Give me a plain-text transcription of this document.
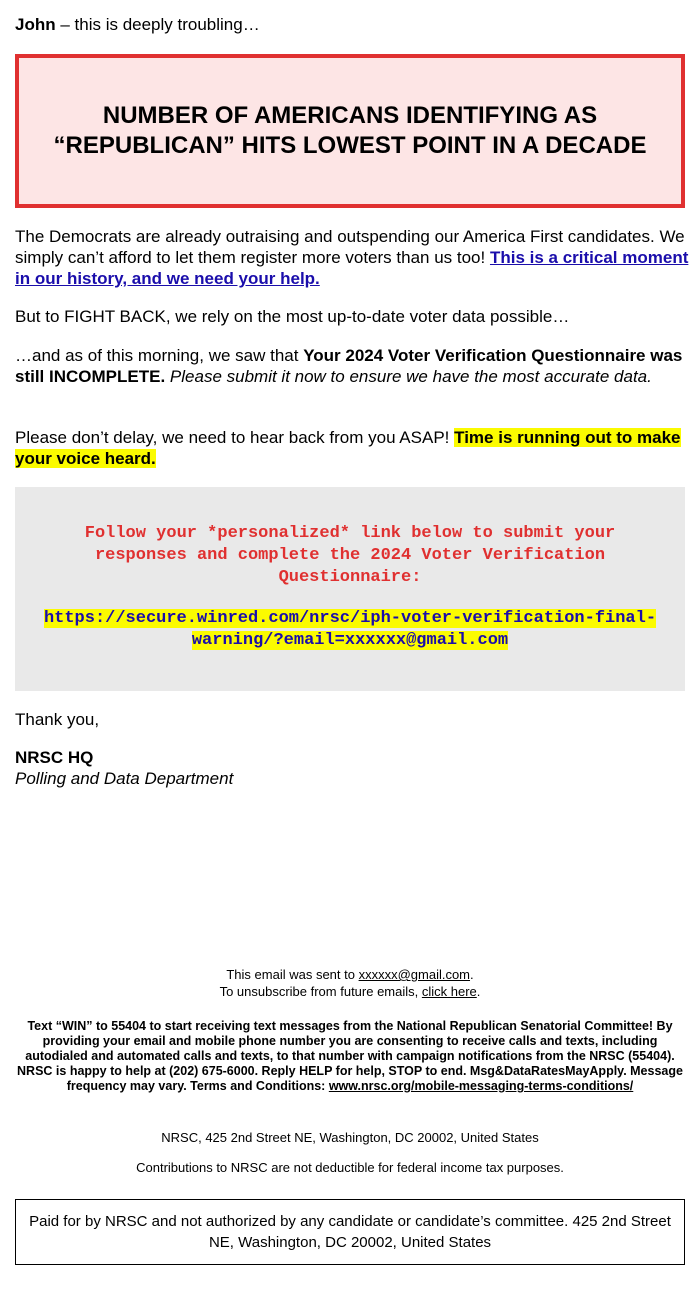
John – this is deeply troubling…

NUMBER OF AMERICANS IDENTIFYING AS “REPUBLICAN” HITS LOWEST POINT IN A DECADE

The Democrats are already outraising and outspending our America First candidates. We simply can’t afford to let them register more voters than us too! This is a critical moment in our history, and we need your help.

But to FIGHT BACK, we rely on the most up-to-date voter data possible…

…and as of this morning, we saw that Your 2024 Voter Verification Questionnaire was still INCOMPLETE. Please submit it now to ensure we have the most accurate data.

Please don’t delay, we need to hear back from you ASAP! Time is running out to make your voice heard.

Follow your *personalized* link below to submit your responses and complete the 2024 Voter Verification Questionnaire:

https://secure.winred.com/nrsc/iph-voter-verification-final-warning/?email=xxxxxx@gmail.com

Thank you,

NRSC HQ

Polling and Data Department

This email was sent to xxxxxx@gmail.com.
To unsubscribe from future emails, click here.

Text “WIN” to 55404 to start receiving text messages from the National Republican Senatorial Committee! By providing your email and mobile phone number you are consenting to receive calls and texts, including autodialed and automated calls and texts, to that number with campaign notifications from the NRSC (55404). NRSC is happy to help at (202) 675-6000. Reply HELP for help, STOP to end. Msg&DataRatesMayApply. Message frequency may vary. Terms and Conditions: www.nrsc.org/mobile-messaging-terms-conditions/

NRSC, 425 2nd Street NE, Washington, DC 20002, United States

Contributions to NRSC are not deductible for federal income tax purposes.

Paid for by NRSC and not authorized by any candidate or candidate’s committee. 425 2nd Street NE, Washington, DC 20002, United States
